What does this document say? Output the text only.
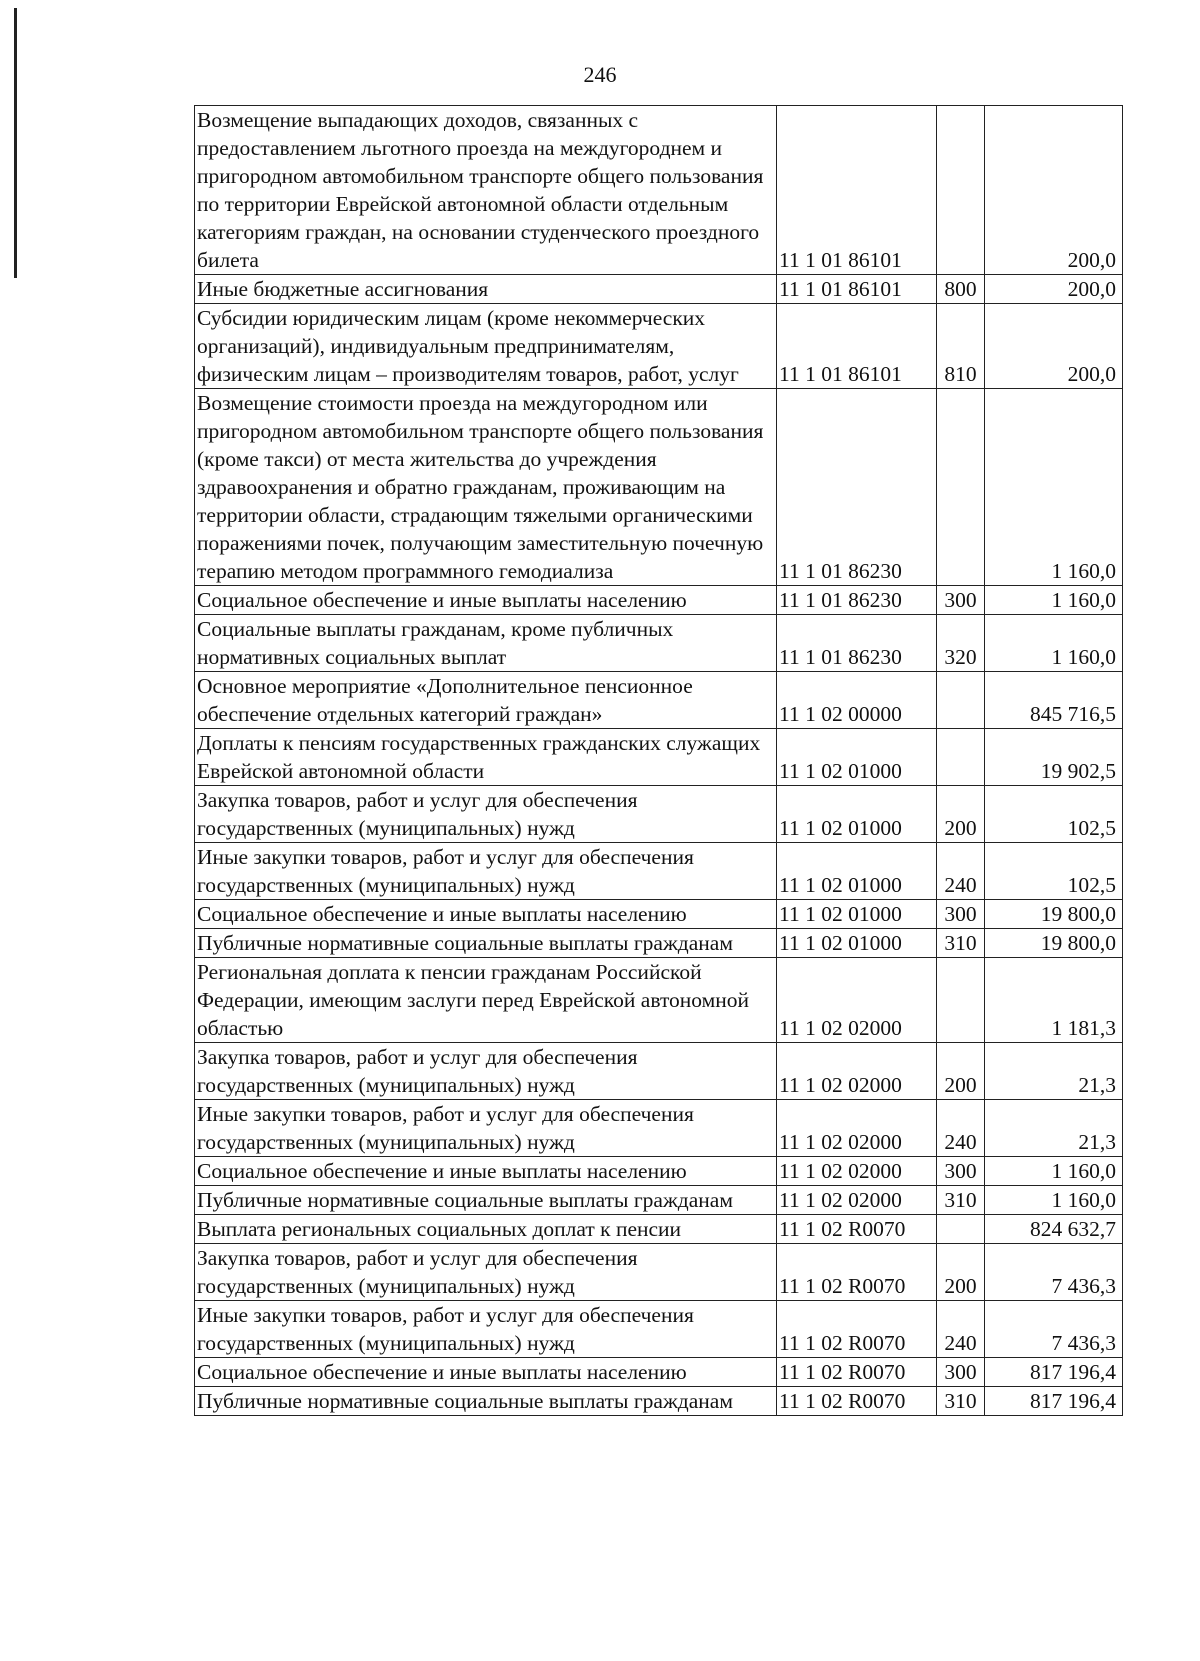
246
Возмещение выпадающих доходов, связанных с предоставлением льготного проезда на междугороднем и пригородном автомобильном транспорте общего пользования по территории Еврейской автономной области отдельным категориям граждан, на основании студенческого проездного билета	11 1 01 86101		200,0
Иные бюджетные ассигнования	11 1 01 86101	800	200,0
Субсидии юридическим лицам (кроме некоммерческих организаций), индивидуальным предпринимателям, физическим лицам – производителям товаров, работ, услуг	11 1 01 86101	810	200,0
Возмещение стоимости проезда на междугородном или пригородном автомобильном транспорте общего пользования (кроме такси) от места жительства до учреждения здравоохранения и обратно гражданам, проживающим на территории области, страдающим тяжелыми органическими поражениями почек, получающим заместительную почечную терапию методом программного гемодиализа	11 1 01 86230		1 160,0
Социальное обеспечение и иные выплаты населению	11 1 01 86230	300	1 160,0
Социальные выплаты гражданам, кроме публичных нормативных социальных выплат	11 1 01 86230	320	1 160,0
Основное мероприятие «Дополнительное пенсионное обеспечение отдельных категорий граждан»	11 1 02 00000		845 716,5
Доплаты к пенсиям государственных гражданских служащих Еврейской автономной области	11 1 02 01000		19 902,5
Закупка товаров, работ и услуг для обеспечения государственных (муниципальных) нужд	11 1 02 01000	200	102,5
Иные закупки товаров, работ и услуг для обеспечения государственных (муниципальных) нужд	11 1 02 01000	240	102,5
Социальное обеспечение и иные выплаты населению	11 1 02 01000	300	19 800,0
Публичные нормативные социальные выплаты гражданам	11 1 02 01000	310	19 800,0
Региональная доплата к пенсии гражданам Российской Федерации, имеющим заслуги перед Еврейской автономной областью	11 1 02 02000		1 181,3
Закупка товаров, работ и услуг для обеспечения государственных (муниципальных) нужд	11 1 02 02000	200	21,3
Иные закупки товаров, работ и услуг для обеспечения государственных (муниципальных) нужд	11 1 02 02000	240	21,3
Социальное обеспечение и иные выплаты населению	11 1 02 02000	300	1 160,0
Публичные нормативные социальные выплаты гражданам	11 1 02 02000	310	1 160,0
Выплата региональных социальных доплат к пенсии	11 1 02 R0070		824 632,7
Закупка товаров, работ и услуг для обеспечения государственных (муниципальных) нужд	11 1 02 R0070	200	7 436,3
Иные закупки товаров, работ и услуг для обеспечения государственных (муниципальных) нужд	11 1 02 R0070	240	7 436,3
Социальное обеспечение и иные выплаты населению	11 1 02 R0070	300	817 196,4
Публичные нормативные социальные выплаты гражданам	11 1 02 R0070	310	817 196,4
